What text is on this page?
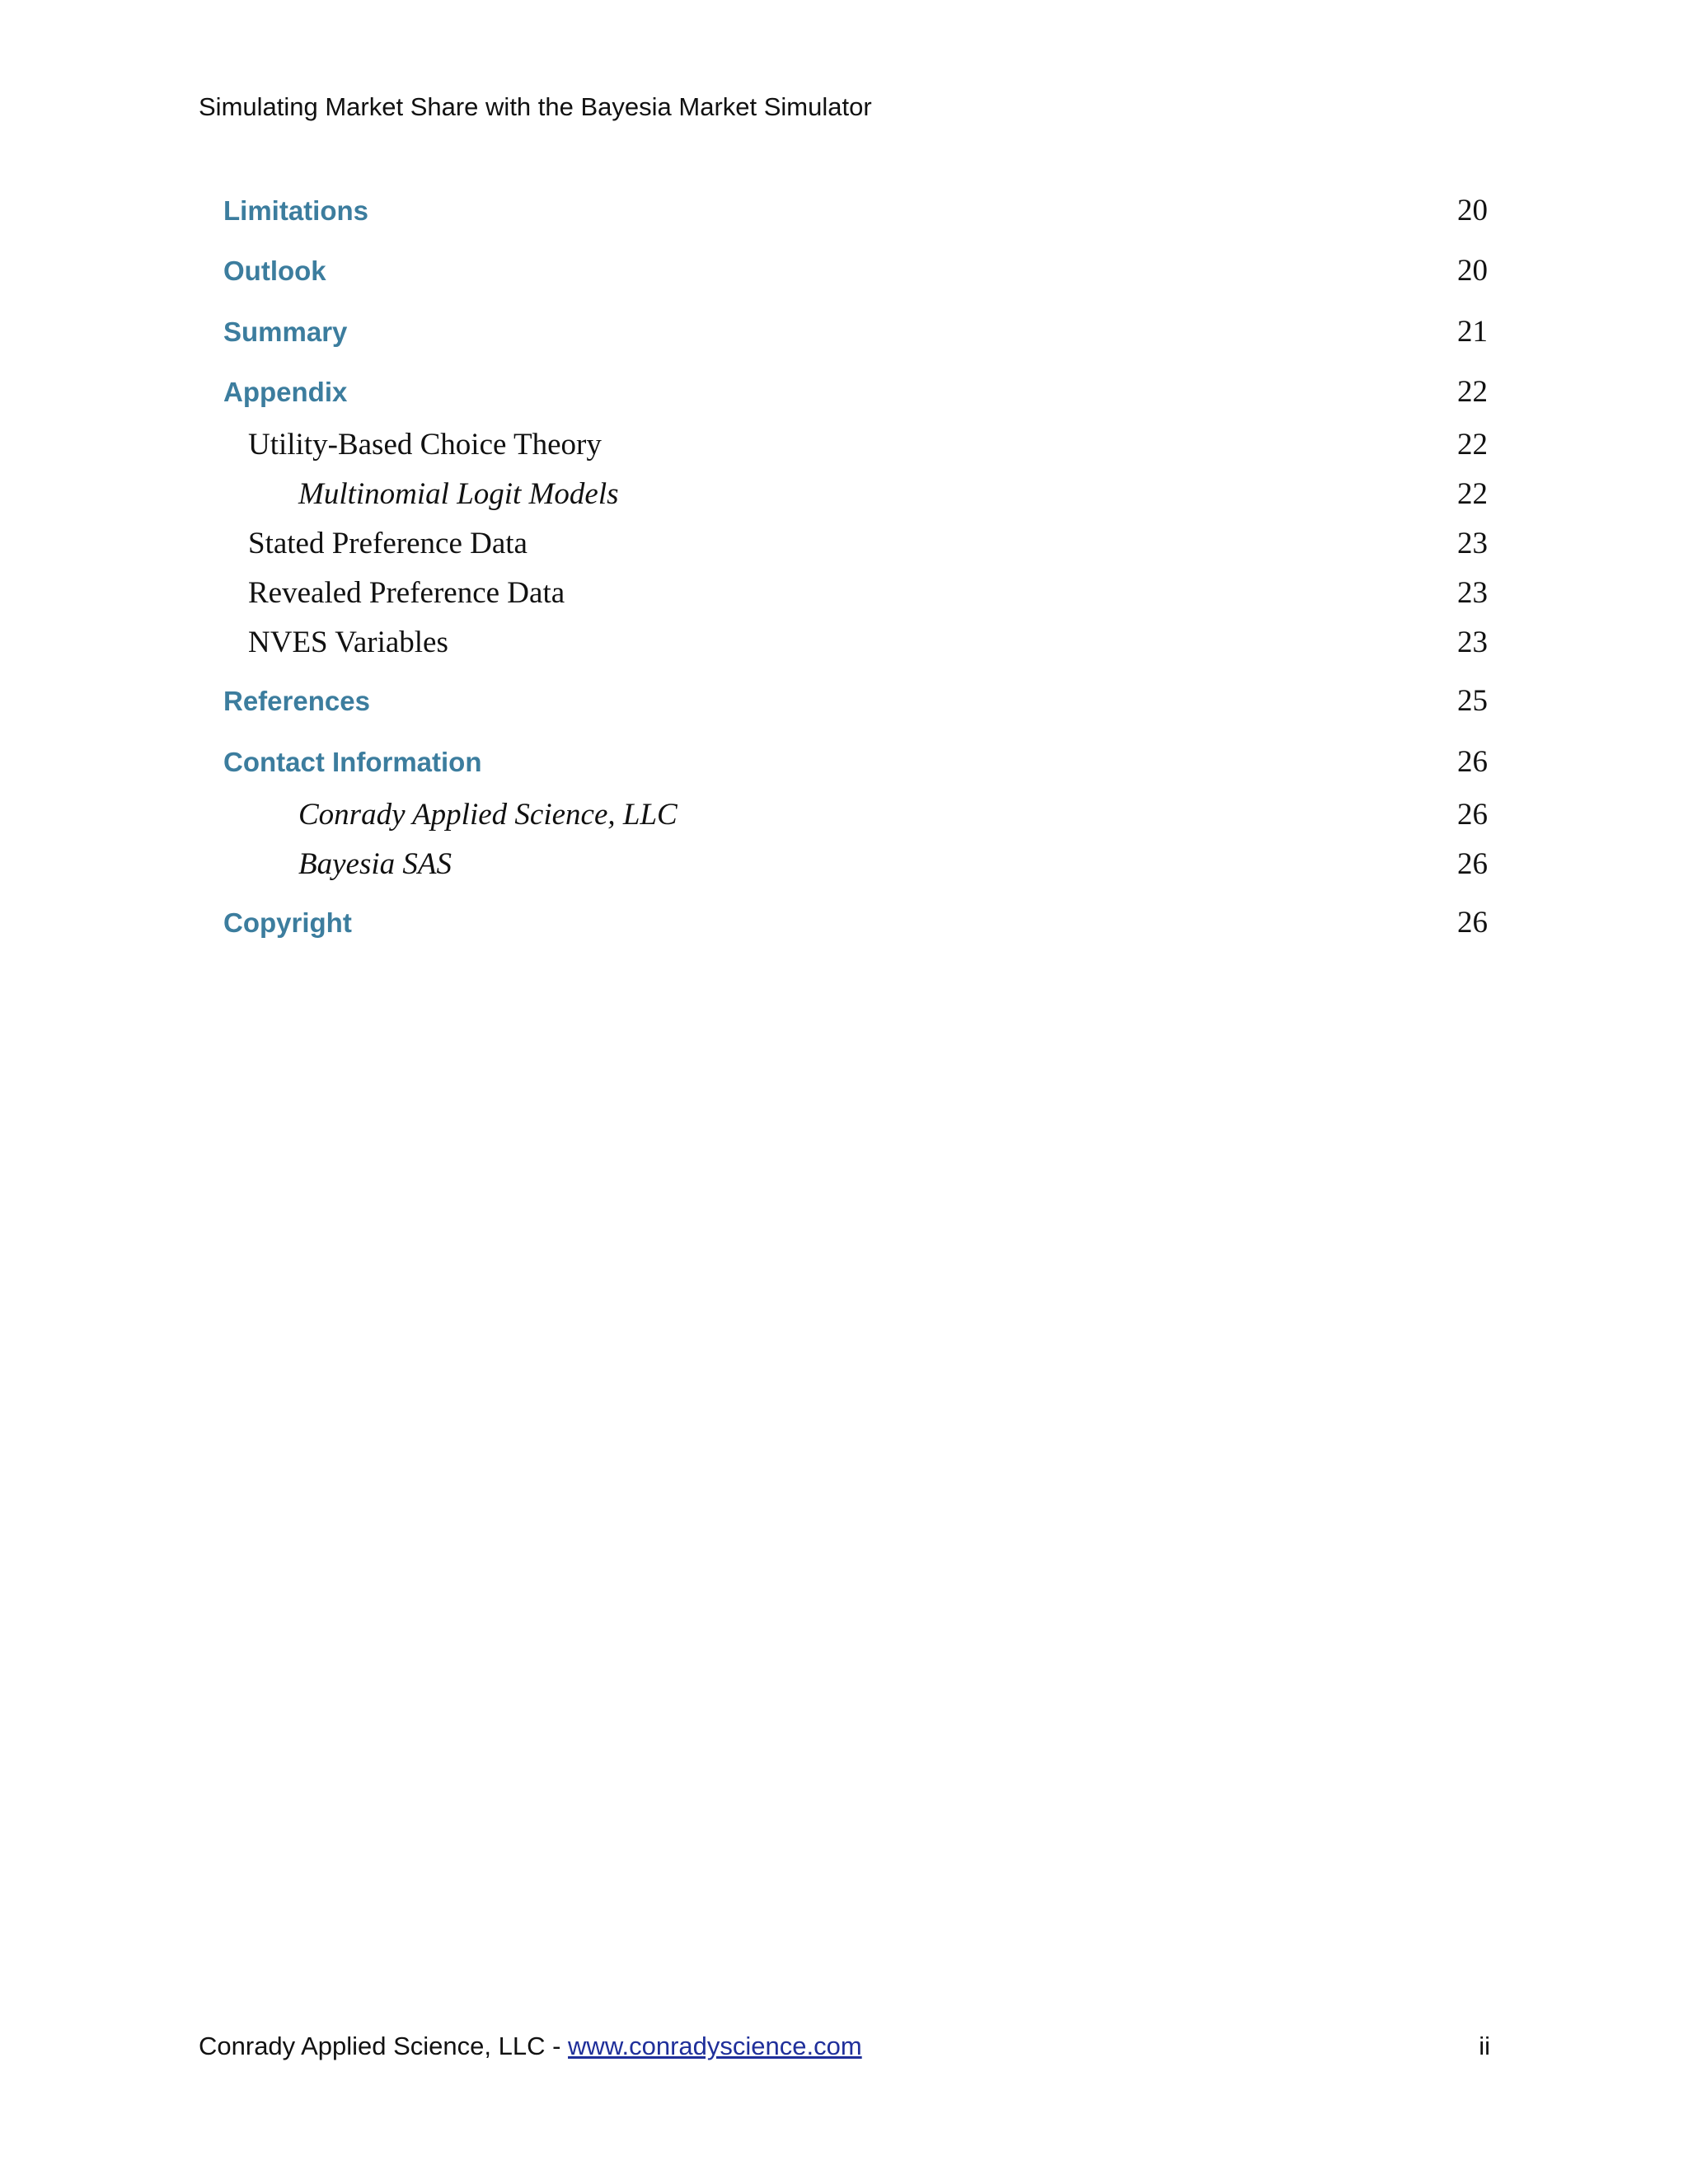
Simulating Market Share with the Bayesia Market Simulator
Limitations	20
Outlook	20
Summary	21
Appendix	22
Utility-Based Choice Theory	22
Multinomial Logit Models	22
Stated Preference Data	23
Revealed Preference Data	23
NVES Variables	23
References	25
Contact Information	26
Conrady Applied Science, LLC	26
Bayesia SAS	26
Copyright	26
Conrady Applied Science, LLC - www.conradyscience.com	ii
